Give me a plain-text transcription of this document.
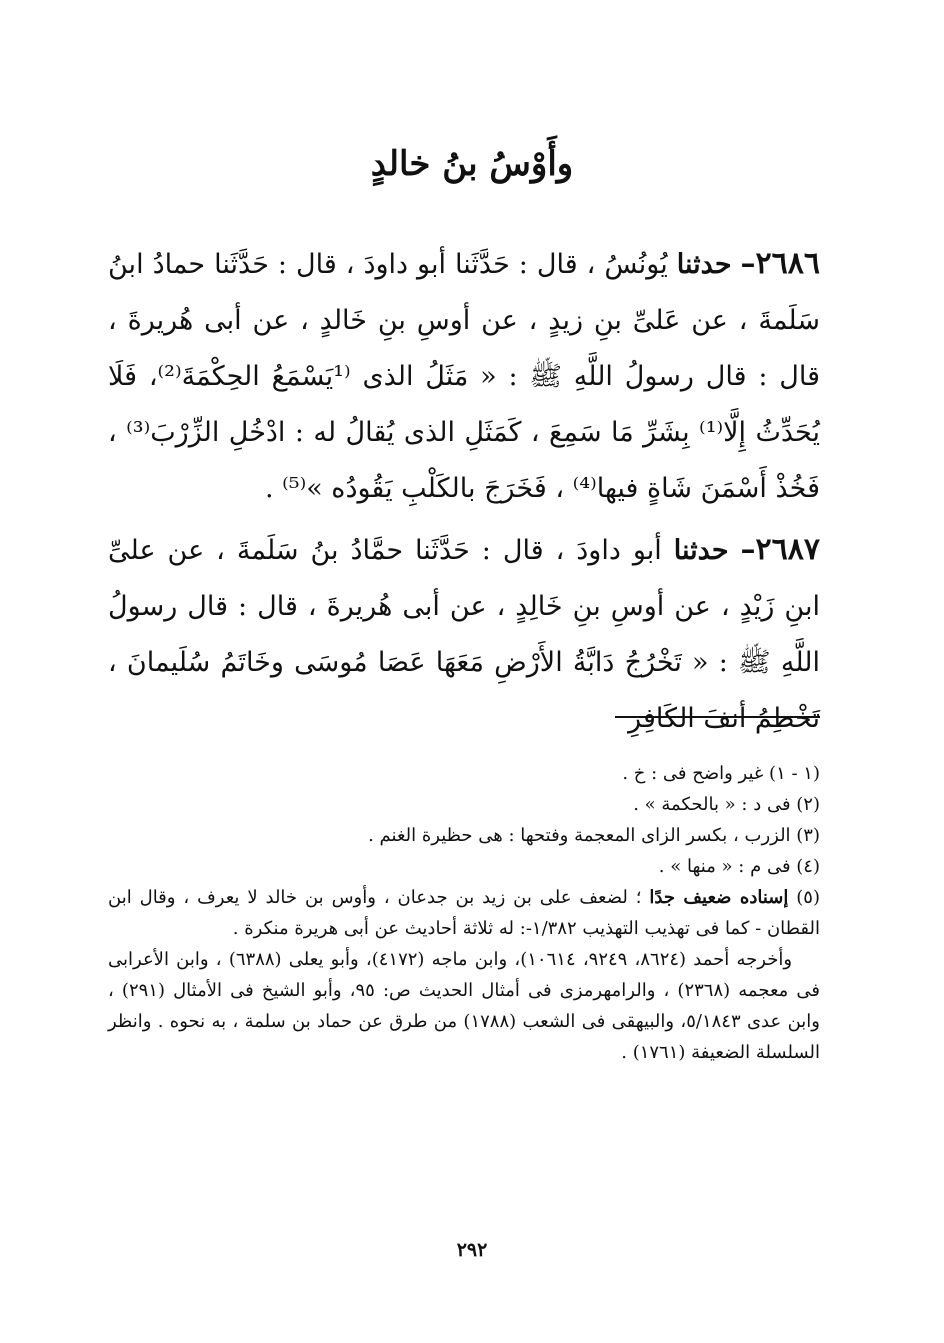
وأَوْسُ بنُ خالدٍ
٢٦٨٦– حدثنا يُونُسُ ، قال : حَدَّثَنا أبو داودَ ، قال : حَدَّثَنا حمادُ ابنُ سَلَمةَ ، عن عَلىِّ بنِ زيدٍ ، عن أوسِ بنِ خَالدٍ ، عن أبى هُريرةَ ، قال : قال رسولُ اللَّهِ ﷺ : « مَثَلُ الذى ⁽¹يَسْمَعُ الحِكْمَةَ⁽²⁾، فَلَا يُحَدِّثُ إِلَّا⁽¹⁾ بِشَرِّ مَا سَمِعَ ، كَمَثَلِ الذى يُقالُ له : ادْخُلِ الزِّرْبَ⁽³⁾ ، فَخُذْ أَسْمَنَ شَاةٍ فيها⁽⁴⁾ ، فَخَرَجَ بالكَلْبِ يَقُودُه »⁽⁵⁾ .
٢٦٨٧– حدثنا أبو داودَ ، قال : حَدَّثَنا حمَّادُ بنُ سَلَمةَ ، عن علىِّ ابنِ زَيْدٍ ، عن أوسِ بنِ خَالِدٍ ، عن أبى هُريرةَ ، قال : قال رسولُ اللَّهِ ﷺ : « تَخْرُجُ دَابَّةُ الأَرْضِ مَعَهَا عَصَا مُوسَى وخَاتَمُ سُلَيمانَ ، تَخْطِمُ أنفَ الكَافِرِ

(١ - ١) غير واضح فى : خ .

(٢) فى د : « بالحكمة » .

(٣) الزرب ، بكسر الزاى المعجمة وفتحها : هى حظيرة الغنم .

(٤) فى م : « منها » .

(٥) إسناده ضعيف جدًا ؛ لضعف على بن زيد بن جدعان ، وأوس بن خالد لا يعرف ، وقال ابن القطان - كما فى تهذيب التهذيب ١/٣٨٢-: له ثلاثة أحاديث عن أبى هريرة منكرة .

وأخرجه أحمد (٨٦٢٤، ٩٢٤٩، ١٠٦١٤)، وابن ماجه (٤١٧٢)، وأبو يعلى (٦٣٨٨) ، وابن الأعرابى فى معجمه (٢٣٦٨) ، والرامهرمزى فى أمثال الحديث ص: ٩٥، وأبو الشيخ فى الأمثال (٢٩١) ، وابن عدى ٥/١٨٤٣، والبيهقى فى الشعب (١٧٨٨) من طرق عن حماد بن سلمة ، به نحوه . وانظر السلسلة الضعيفة (١٧٦١) .

٢٩٢
